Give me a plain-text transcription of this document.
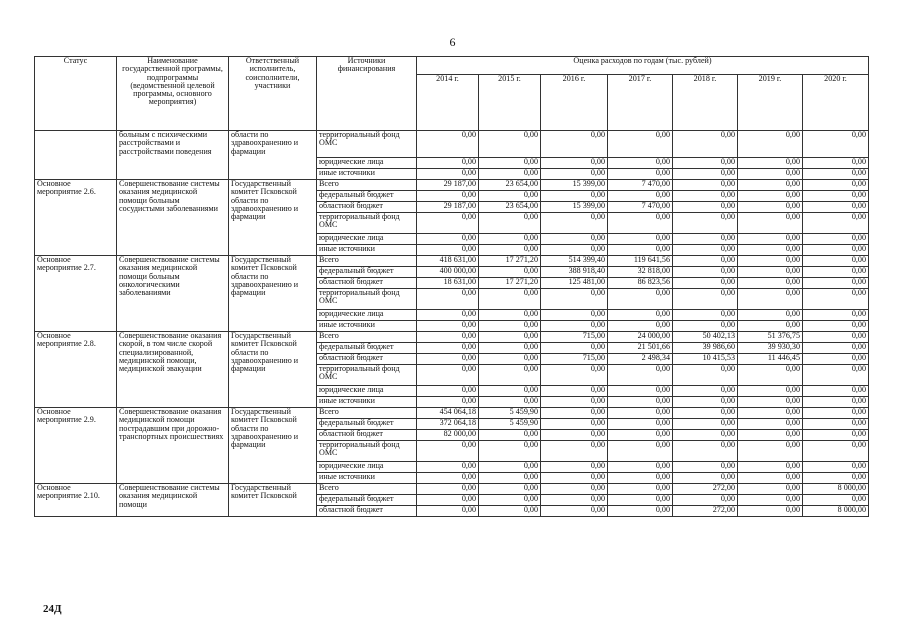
6
Статус	Наименование государственной программы, подпрограммы (ведомственной целевой программы, основного мероприятия)	Ответственный исполнитель, соисполнители, участники	Источники финансирования	Оценка расходов по годам (тыс. рублей)						
				2014 г.	2015 г.	2016 г.	2017 г.	2018 г.	2019 г.	2020 г.
	больным с психическими расстройствами и расстройствами поведения	области по здравоохранению и фармации	территориальный фонд ОМС	0,00	0,00	0,00	0,00	0,00	0,00	0,00
			юридические лица	0,00	0,00	0,00	0,00	0,00	0,00	0,00
			иные источники	0,00	0,00	0,00	0,00	0,00	0,00	0,00
Основное мероприятие 2.6.	Совершенствование системы оказания медицинской помощи больным сосудистыми заболеваниями	Государственный комитет Псковской области по здравоохранению и фармации	Всего	29 187,00	23 654,00	15 399,00	7 470,00	0,00	0,00	0,00
			федеральный бюджет	0,00	0,00	0,00	0,00	0,00	0,00	0,00
			областной бюджет	29 187,00	23 654,00	15 399,00	7 470,00	0,00	0,00	0,00
			территориальный фонд ОМС	0,00	0,00	0,00	0,00	0,00	0,00	0,00
			юридические лица	0,00	0,00	0,00	0,00	0,00	0,00	0,00
			иные источники	0,00	0,00	0,00	0,00	0,00	0,00	0,00
Основное мероприятие 2.7.	Совершенствование системы оказания медицинской помощи больным онкологическими заболеваниями	Государственный комитет Псковской области по здравоохранению и фармации	Всего	418 631,00	17 271,20	514 399,40	119 641,56	0,00	0,00	0,00
			федеральный бюджет	400 000,00	0,00	388 918,40	32 818,00	0,00	0,00	0,00
			областной бюджет	18 631,00	17 271,20	125 481,00	86 823,56	0,00	0,00	0,00
			территориальный фонд ОМС	0,00	0,00	0,00	0,00	0,00	0,00	0,00
			юридические лица	0,00	0,00	0,00	0,00	0,00	0,00	0,00
			иные источники	0,00	0,00	0,00	0,00	0,00	0,00	0,00
Основное мероприятие 2.8.	Совершенствование оказания скорой, в том числе скорой специализированной, медицинской помощи, медицинской эвакуации	Государственный комитет Псковской области по здравоохранению и фармации	Всего	0,00	0,00	715,00	24 000,00	50 402,13	51 376,75	0,00
			федеральный бюджет	0,00	0,00	0,00	21 501,66	39 986,60	39 930,30	0,00
			областной бюджет	0,00	0,00	715,00	2 498,34	10 415,53	11 446,45	0,00
			территориальный фонд ОМС	0,00	0,00	0,00	0,00	0,00	0,00	0,00
			юридические лица	0,00	0,00	0,00	0,00	0,00	0,00	0,00
			иные источники	0,00	0,00	0,00	0,00	0,00	0,00	0,00
Основное мероприятие 2.9.	Совершенствование оказания медицинской помощи пострадавшим при дорожно-транспортных происшествиях	Государственный комитет Псковской области по здравоохранению и фармации	Всего	454 064,18	5 459,90	0,00	0,00	0,00	0,00	0,00
			федеральный бюджет	372 064,18	5 459,90	0,00	0,00	0,00	0,00	0,00
			областной бюджет	82 000,00	0,00	0,00	0,00	0,00	0,00	0,00
			территориальный фонд ОМС	0,00	0,00	0,00	0,00	0,00	0,00	0,00
			юридические лица	0,00	0,00	0,00	0,00	0,00	0,00	0,00
			иные источники	0,00	0,00	0,00	0,00	0,00	0,00	0,00
Основное мероприятие 2.10.	Совершенствование системы оказания медицинской помощи	Государственный комитет Псковской	Всего	0,00	0,00	0,00	0,00	272,00	0,00	8 000,00
			федеральный бюджет	0,00	0,00	0,00	0,00	0,00	0,00	0,00
			областной бюджет	0,00	0,00	0,00	0,00	272,00	0,00	8 000,00
24Д
